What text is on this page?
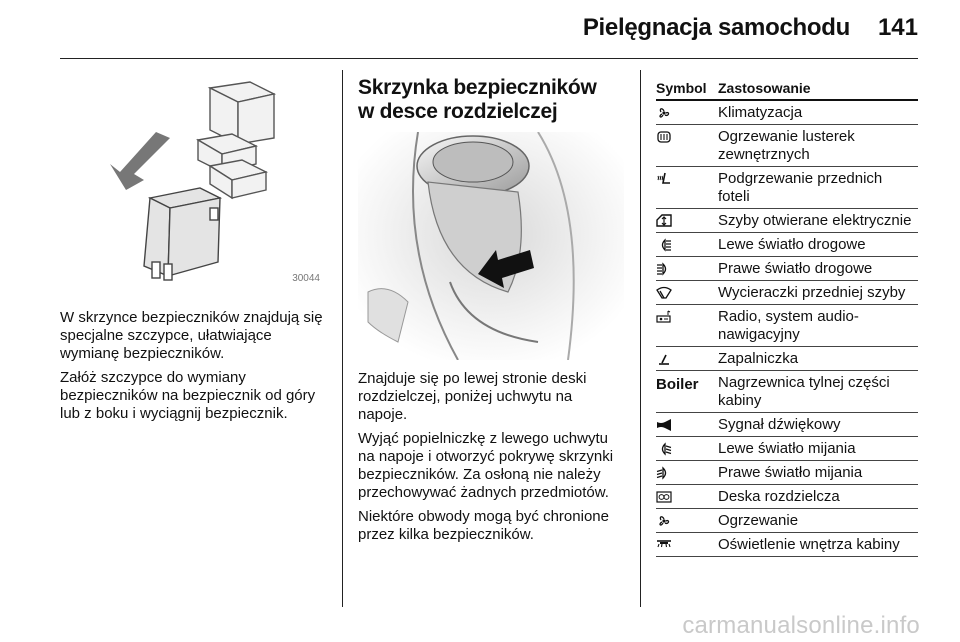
Pielęgnacja samochodu 141
30044

W skrzynce bezpieczników znajdują się specjalne szczypce, ułatwiające wymianę bezpieczników.

Załóż szczypce do wymiany bezpieczników na bezpiecznik od góry lub z boku i wyciągnij bezpiecznik.

Skrzynka bezpieczników
w desce rozdzielczej

Znajduje się po lewej stronie deski rozdzielczej, poniżej uchwytu na napoje.

Wyjąć popielniczkę z lewego uchwytu na napoje i otworzyć pokrywę skrzynki bezpieczników. Za osłoną nie należy przechowywać żadnych przedmiotów.

Niektóre obwody mogą być chronione przez kilka bezpieczników.

Symbol Zastosowanie
Klimatyzacja
Ogrzewanie lusterek zewnętrznych
Podgrzewanie przednich foteli
Szyby otwierane elektrycznie
Lewe światło drogowe
Prawe światło drogowe
Wycieraczki przedniej szyby
Radio, system audio-nawigacyjny
Zapalniczka
Boiler	Nagrzewnica tylnej części kabiny
Sygnał dźwiękowy
Lewe światło mijania
Prawe światło mijania
Deska rozdzielcza
Ogrzewanie
Oświetlenie wnętrza kabiny
carmanualsonline.info
